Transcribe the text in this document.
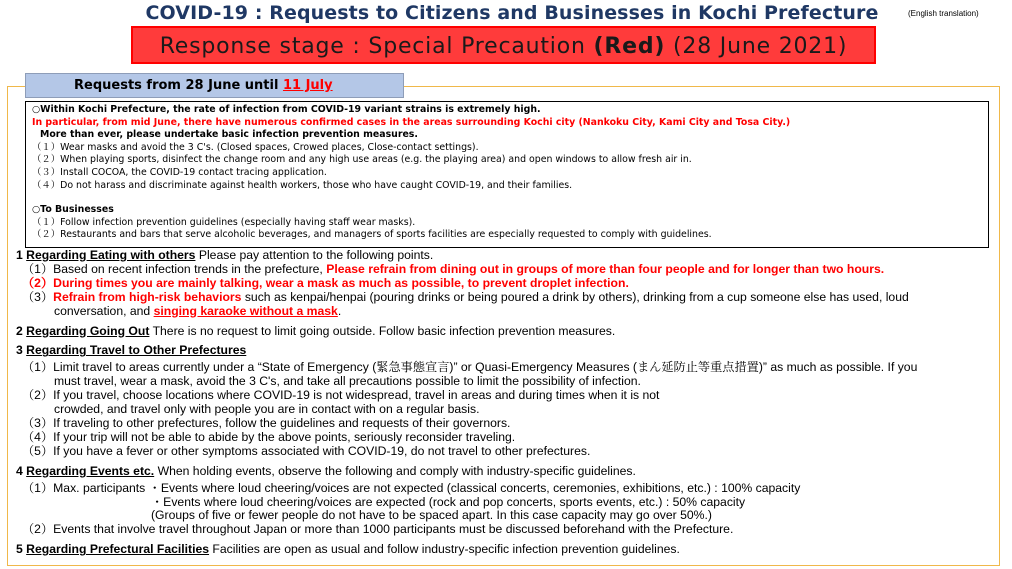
COVID-19 : Requests to Citizens and Businesses in Kochi Prefecture	(English translation)
Response stage : Special Precaution (Red) (28 June 2021)
Requests from 28 June until 11 July
○Within Kochi Prefecture, the rate of infection from COVID-19 variant strains is extremely high.
In particular, from mid June, there have numerous confirmed cases in the areas surrounding Kochi city (Nankoku City, Kami City and Tosa City.)
More than ever, please undertake basic infection prevention measures.
（１）Wear masks and avoid the 3 C's. (Closed spaces, Crowed places, Close-contact settings).
（２）When playing sports, disinfect the change room and any high use areas (e.g. the playing area) and open windows to allow fresh air in.
（３）Install COCOA, the COVID-19 contact tracing application.
（４）Do not harass and discriminate against health workers, those who have caught COVID-19, and their families.
○To Businesses
（１）Follow infection prevention guidelines (especially having staff wear masks).
（２）Restaurants and bars that serve alcoholic beverages, and managers of sports facilities are especially requested to comply with guidelines.
1 Regarding Eating with others Please pay attention to the following points.
（1）Based on recent infection trends in the prefecture, Please refrain from dining out in groups of more than four people and for longer than two hours.
（2）During times you are mainly talking, wear a mask as much as possible, to prevent droplet infection.
（3）Refrain from high-risk behaviors such as kenpai/henpai (pouring drinks or being poured a drink by others), drinking from a cup someone else has used, loud
conversation, and singing karaoke without a mask.
2 Regarding Going Out There is no request to limit going outside. Follow basic infection prevention measures.
3 Regarding Travel to Other Prefectures
（1）Limit travel to areas currently under a “State of Emergency (緊急事態宣言)” or Quasi-Emergency Measures (まん延防止等重点措置)” as much as possible. If you
must travel, wear a mask, avoid the 3 C's, and take all precautions possible to limit the possibility of infection.
（2）If you travel, choose locations where COVID-19 is not widespread, travel in areas and during times when it is not
crowded, and travel only with people you are in contact with on a regular basis.
（3）If traveling to other prefectures, follow the guidelines and requests of their governors.
（4）If your trip will not be able to abide by the above points, seriously reconsider traveling.
（5）If you have a fever or other symptoms associated with COVID-19, do not travel to other prefectures.
4 Regarding Events etc. When holding events, observe the following and comply with industry-specific guidelines.
（1）Max. participants ・Events where loud cheering/voices are not expected (classical concerts, ceremonies, exhibitions, etc.) : 100% capacity
・Events where loud cheering/voices are expected (rock and pop concerts, sports events, etc.) : 50% capacity
(Groups of five or fewer people do not have to be spaced apart. In this case capacity may go over 50%.)
（2）Events that involve travel throughout Japan or more than 1000 participants must be discussed beforehand with the Prefecture.
5 Regarding Prefectural Facilities Facilities are open as usual and follow industry-specific infection prevention guidelines.
